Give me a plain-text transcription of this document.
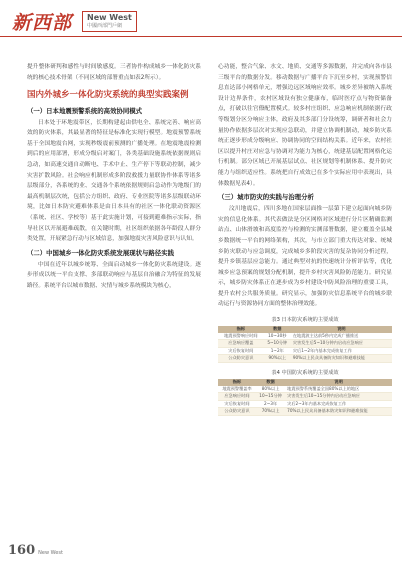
新西部 New West
中國西部門戶網

提升整体研判和感性与时间敏感度。三者协作构成城乡一体化防灾系统的核心技术骨架（不同区域的部署重点如表2所示）。

国内外城乡一体化防灾系统的典型实践案例
（一）日本地震预警系统的高效协同模式

日本处于环地震带区，长期构建起由供电全、系统完善、响应高效的防灾体系，其最显著的特征是标准化实现行模型。地震预警系统基于全国地震台网，实现秒级震前预测的广播处理。在地震地震检测到后的应用部署，形成分级启对案门，各类基础设施系统依据规则启急动，如高速交通自动断电、手术中止、生产停下等联动控制，减少灾害扩散风险。社会响应机制形成多阶段救援力量联协作体系等诸多层级部分，各系统的业、交通各个系统依据规则启急动作为地级门的最高机制层次统，包括公方组织、政府、专业医院等诸多层级联动环境，比如日本防灾避难体系是由日本具有的社区一体化联动资源区（系统、社区、学校等）基于此实施计划，可接到避难指示实际，指导社区以开展避难疏散，在关键时期，社区组织依据各年龄段人群分类处置，开展紧急行动与区域信息，加强地震灾害风险意识与认知。

（二）中国城乡一体化防灾系统发展现状与路径实践

中国在近年以城乡统筹、全面启动城乡一体化防灾系统建设。逐步形成以统一平台支撑、多部联动响应与基层自治融合为特征的发展路径。系统平台以城市数据、灾情与城乡系统模块为核心，

心功能，整合气象、水文、地质、交通等多源数据，并完成向各市县三级平台的数据分发。移动数据与广播平台下沉至乡村，实现预警信息直达部小网格单元，增强边远区域响应效率。城乡差异被纳入系统设计边界条件，农村区域设有独立健康布，临时医疗点与物资储备点，打破以往官僚配置模式。较多村庄组织、应急响应机制依据行政等级划分区分响应主体，政府及其多部门分设统筹，调研者和社会力量协作依据多层次对实现应急联动，并建立协调机制动，城乡防灾系统正逐步形成分级响应、协调协同的空间结构关系。近年来，农村社区以提升村庄对应急与协调对为能力为核心，统建基层配置网格化运行机制。部分区域已开展基层试点、社区规划等机制体系、提升防灾能力与组织适应性。系统把自行成效已在多个实际应用中表现出，具体数据见表4）。

（三）城市防灾的实践与治理分析

汶川地震后，四川多地在国家层面推一层第下建立起面向城乡防灾的信息化体系。其代表做法是分区网格对区域进行分片区精确监测站点、山体滑坡和高度监控与检测的实测部署数据，建立覆盖全县城乡数据统一平台的网络架构，其次，与市立部门重大传达对象、统城乡防灾联动与应急调度，完成城乡多阶段灾害的复杂协同分析过程，提升乡镇基层应急能力。通过典型对抗的快速统计分析评估等，优化城乡应急预案的规划分配机制，提升乡村灾害风险防范能力。研究显示，城乡防灾体系正在逐步成为乡村建设中防风险治理的重要工具，提升农村公共服务质量。研究显示，加强防灾信息系统平台的城乡联动运行与资源协同方面的整体治理效能。

表3 日本防灾系统的主要成效
指标	数据	说明
地震预警响应时间	10~30秒	在地震波主达前5秒内完成广播推送
应急响应覆盖	5~10分钟	灾害发生后5~10分钟内启动应急响应
灾后恢复时间	1~2年	灾后1~2年内基本完成恢复工作
公众防灾意识	90%以上	90%以上民众具备防灾知识和避难技能
表4 中国防灾系统的主要成效
指标	数据	说明
地震预警覆盖率	80%以上	地震预警系统覆盖全国80%以上的地区
应急响应时间	10~15分钟	灾害发生后10~15分钟内启动应急响应
灾后恢复时间	2~3年	灾后2~3年内基本完成恢复工作
公众防灾意识	70%以上	70%以上民众具备基本防灾知识和避难技能
160 New West
